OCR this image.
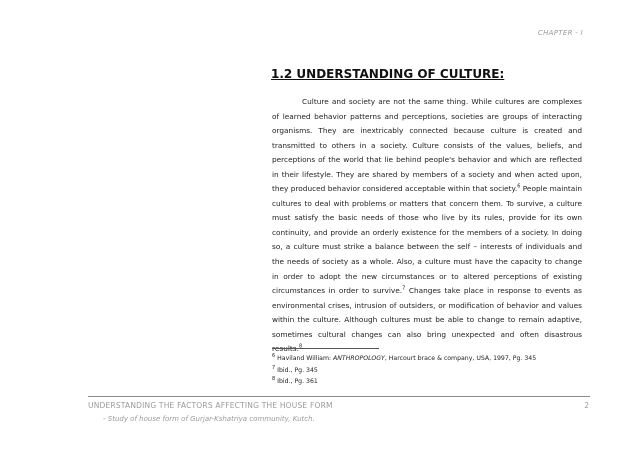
CHAPTER - I
1.2 UNDERSTANDING OF CULTURE:

Culture and society are not the same thing. While cultures are complexes of learned behavior patterns and perceptions, societies are groups of interacting organisms. They are inextricably connected because culture is created and transmitted to others in a society. Culture consists of the values, beliefs, and perceptions of the world that lie behind people's behavior and which are reflected in their lifestyle. They are shared by members of a society and when acted upon, they produced behavior considered acceptable within that society.$^6$ People maintain cultures to deal with problems or matters that concern them. To survive, a culture must satisfy the basic needs of those who live by its rules, provide for its own continuity, and provide an orderly existence for the members of a society. In doing so, a culture must strike a balance between the self – interests of individuals and the needs of society as a whole. Also, a culture must have the capacity to change in order to adopt the new circumstances or to altered perceptions of existing circumstances in order to survive.$^7$ Changes take place in response to events as environmental crises, intrusion of outsiders, or modification of behavior and values within the culture. Although cultures must be able to change to remain adaptive, sometimes cultural changes can also bring unexpected and often disastrous results.$^8$

$^6$ Haviland William: ANTHROPOLOGY, Harcourt brace & company, USA, 1997, Pg. 345
$^7$ Ibid., Pg. 345
$^8$ Ibid., Pg. 361
UNDERSTANDING THE FACTORS AFFECTING THE HOUSE FORM	2
- Study of house form of Gurjar-Kshatriya community, Kutch.
